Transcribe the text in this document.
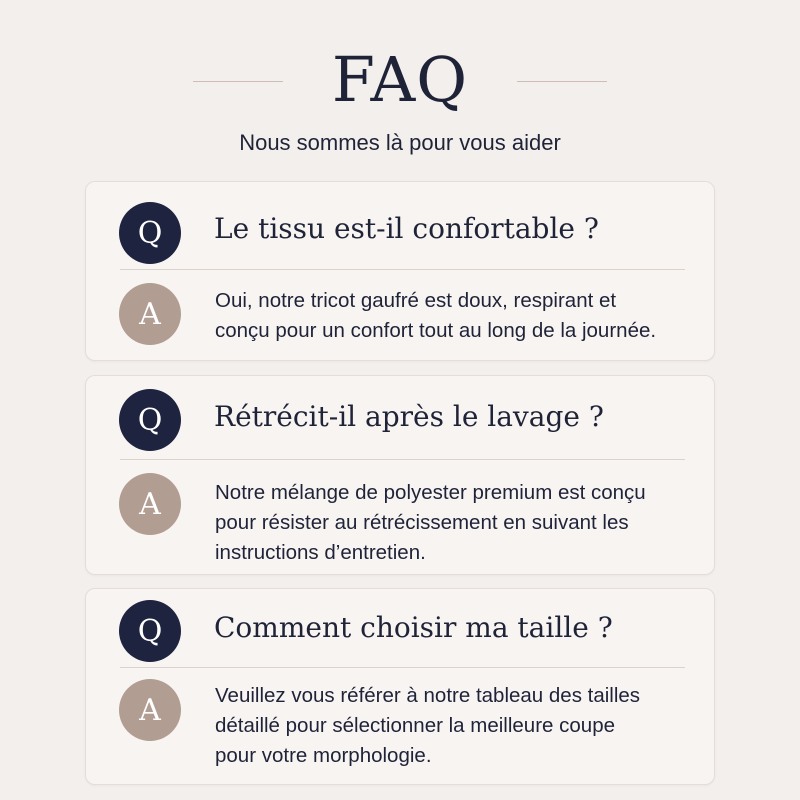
FAQ

Nous sommes là pour vous aider

Q	Le tissu est-il confortable ?
A	Oui, notre tricot gaufré est doux, respirant et
conçu pour un confort tout au long de la journée.
Q	Rétrécit-il après le lavage ?
A	Notre mélange de polyester premium est conçu
pour résister au rétrécissement en suivant les
instructions d’entretien.
Q	Comment choisir ma taille ?
A	Veuillez vous référer à notre tableau des tailles
détaillé pour sélectionner la meilleure coupe
pour votre morphologie.
